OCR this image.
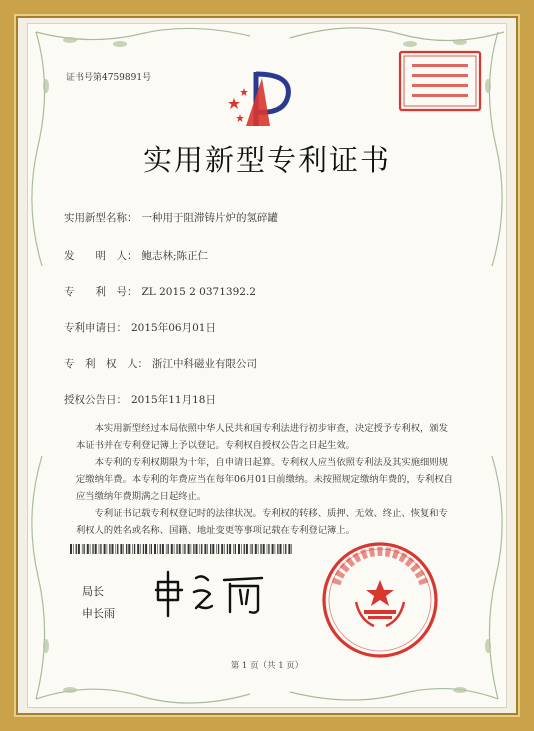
证书号第4759891号
实用新型专利证书
实用新型名称： 一种用于阻滞铸片炉的氢碎罐
发　　明　人： 鲍志林;陈正仁
专　　利　号： ZL 2015 2 0371392.2
专利申请日： 2015年06月01日
专　利　权　人： 浙江中科磁业有限公司
授权公告日： 2015年11月18日

本实用新型经过本局依照中华人民共和国专利法进行初步审查，决定授予专利权，颁发本证书并在专利登记簿上予以登记。专利权自授权公告之日起生效。

本专利的专利权期限为十年，自申请日起算。专利权人应当依照专利法及其实施细则规定缴纳年费。本专利的年费应当在每年06月01日前缴纳。未按照规定缴纳年费的，专利权自应当缴纳年费期满之日起终止。

专利证书记载专利权登记时的法律状况。专利权的转移、质押、无效、终止、恢复和专利权人的姓名或名称、国籍、地址变更等事项记载在专利登记簿上。

局长
申长雨
第 1 页（共 1 页）
